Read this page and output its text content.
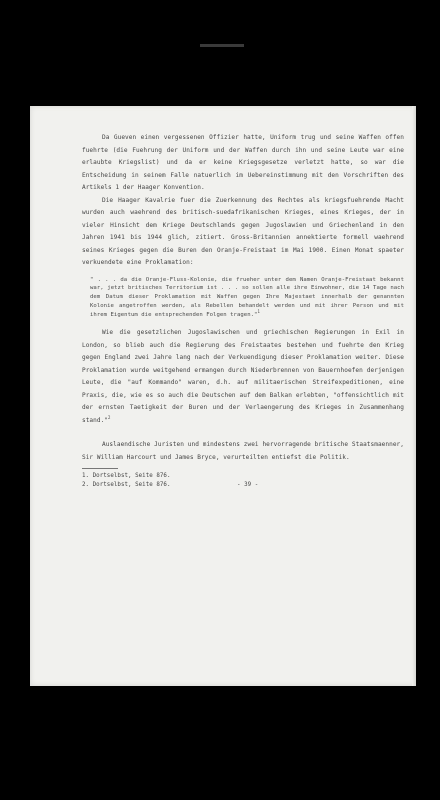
Da Gueven einen vergessenen Offizier hatte, Uniform trug und seine Waffen offen fuehrte (die Fuehrung der Uniform und der Waffen durch ihn und seine Leute war eine erlaubte Kriegslist) und da er keine Kriegsgesetze verletzt hatte, so war die Entscheidung in seinem Falle natuerlich im Uebereinstimmung mit den Vorschriften des Artikels 1 der Haager Konvention.

Die Haager Kavalrie fuer die Zuerkennung des Rechtes als kriegsfuehrende Macht wurden auch waehrend des britisch-suedafrikanischen Krieges, eines Krieges, der in vieler Hinsicht dem Kriege Deutschlands gegen Jugoslawien und Griechenland in den Jahren 1941 bis 1944 glich, zitiert. Gross-Britannien annektierte formell waehrend seines Krieges gegen die Buren den Oranje-Freistaat im Mai 1900. Einen Monat spaeter verkuendete eine Proklamation:

" . . . da die Oranje-Fluss-Kolonie, die frueher unter dem Namen Oranje-Freistaat bekannt war, jetzt britisches Territorium ist . . . so sollen alle ihre Einwohner, die 14 Tage nach dem Datum dieser Proklamation mit Waffen gegen Ihre Majestaet innerhalb der genannten Kolonie angetroffen werden, als Rebellen behandelt werden und mit ihrer Person und mit ihrem Eigentum die entsprechenden Folgen tragen."$^1$

Wie die gesetzlichen Jugoslawischen und griechischen Regierungen in Exil in London, so blieb auch die Regierung des Freistaates bestehen und fuehrte den Krieg gegen England zwei Jahre lang nach der Verkuendigung dieser Proklamation weiter. Diese Proklamation wurde weitgehend ermangen durch Niederbrennen von Bauernhoefen derjenigen Leute, die "auf Kommando" waren, d.h. auf militaerischen Streifexpeditionen, eine Praxis, die, wie es so auch die Deutschen auf dem Balkan erlebten, "offensichtlich mit der ernsten Taetigkeit der Buren und der Verlaengerung des Krieges in Zusammenhang stand."$^2$

Auslaendische Juristen und mindestens zwei hervorragende britische Staatsmaenner, Sir William Harcourt und James Bryce, verurteilten entiefst die Politik.

1. Dortselbst, Seite 876.
2. Dortselbst, Seite 876.	- 39 -
